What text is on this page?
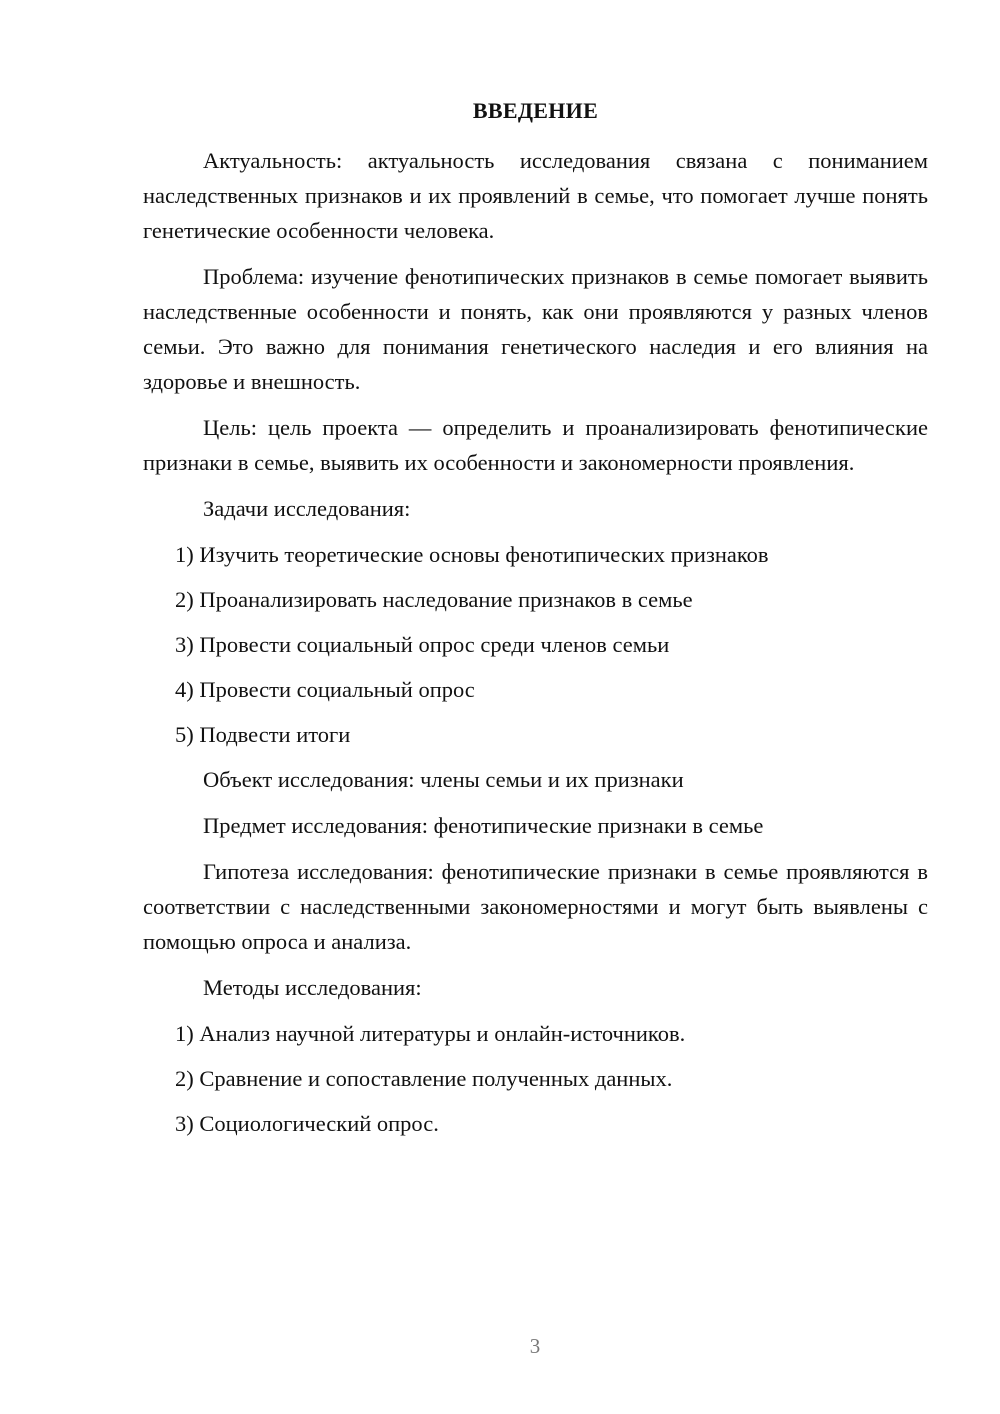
ВВЕДЕНИЕ

Актуальность: актуальность исследования связана с пониманием наследственных признаков и их проявлений в семье, что помогает лучше понять генетические особенности человека.

Проблема: изучение фенотипических признаков в семье помогает выявить наследственные особенности и понять, как они проявляются у разных членов семьи. Это важно для понимания генетического наследия и его влияния на здоровье и внешность.

Цель: цель проекта — определить и проанализировать фенотипические признаки в семье, выявить их особенности и закономерности проявления.

Задачи исследования:

1) Изучить теоретические основы фенотипических признаков
2) Проанализировать наследование признаков в семье
3) Провести социальный опрос среди членов семьи
4) Провести социальный опрос
5) Подвести итоги

Объект исследования: члены семьи и их признаки

Предмет исследования: фенотипические признаки в семье

Гипотеза исследования: фенотипические признаки в семье проявляются в соответствии с наследственными закономерностями и могут быть выявлены с помощью опроса и анализа.

Методы исследования:

1) Анализ научной литературы и онлайн-источников.
2) Сравнение и сопоставление полученных данных.
3) Социологический опрос.
3
